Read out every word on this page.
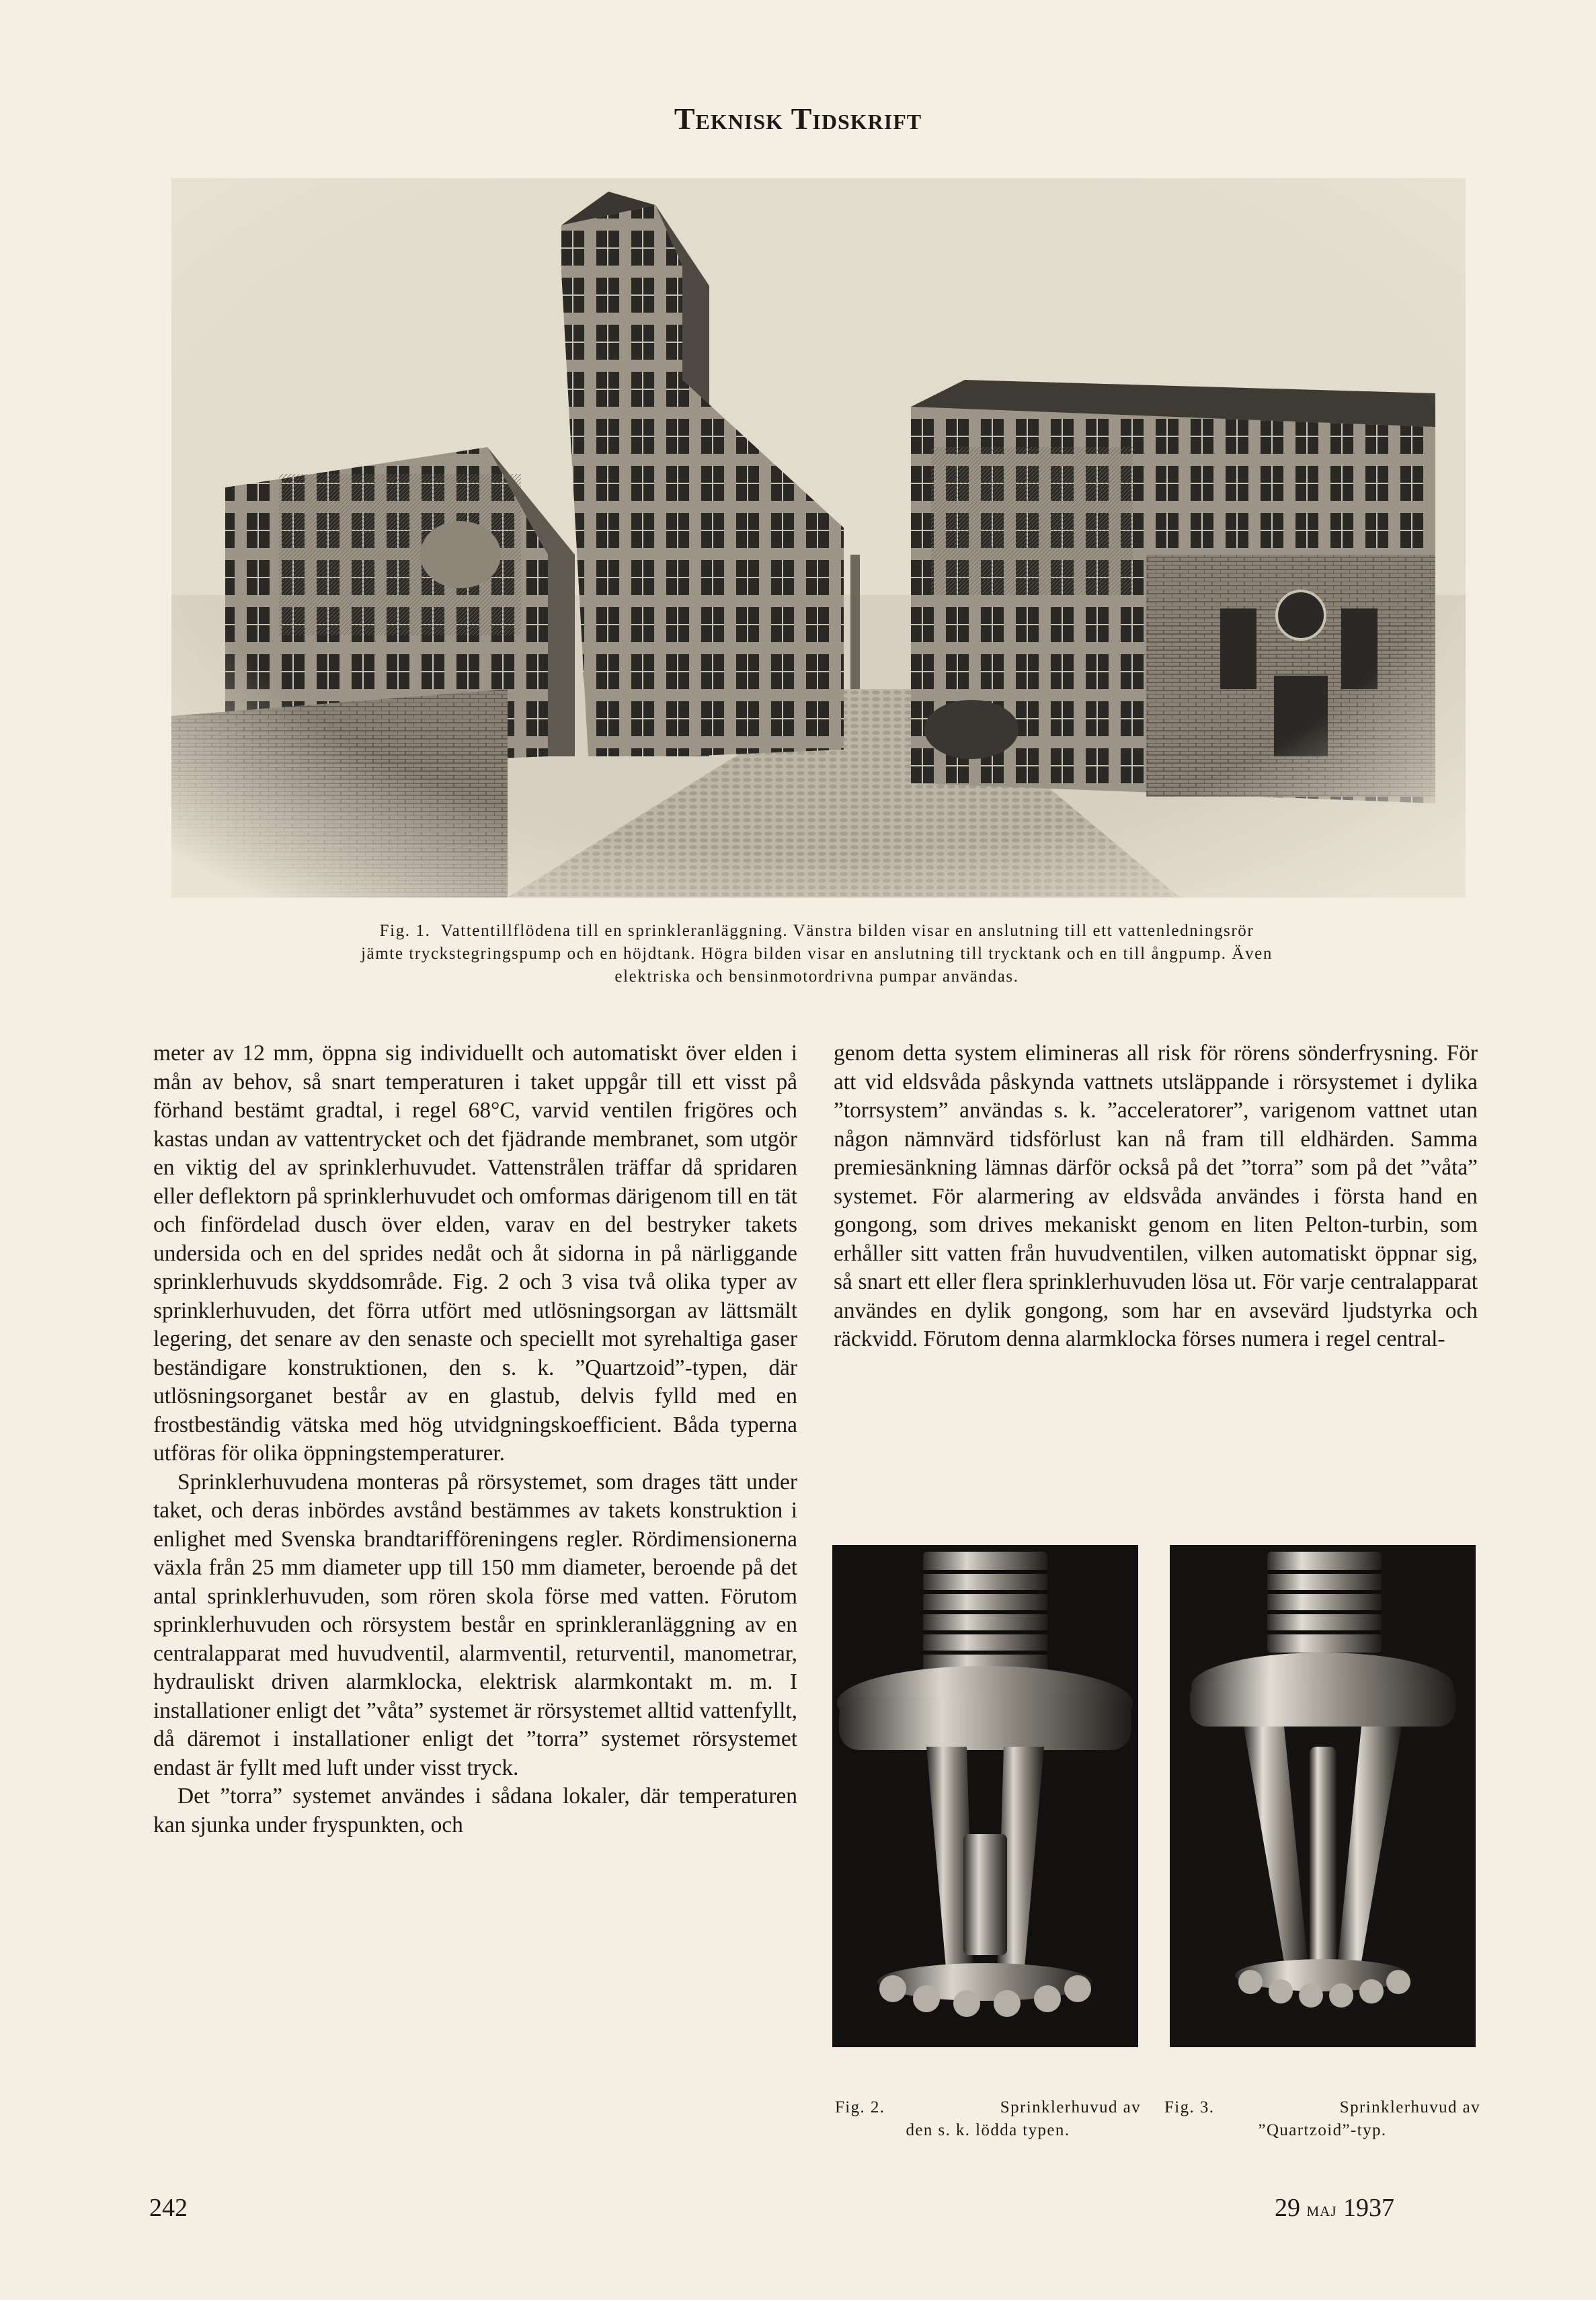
Teknisk Tidskrift
Fig. 1. Vattentillflödena till en sprinkleranläggning. Vänstra bilden visar en anslutning till ett vattenledningsrör
jämte tryckstegringspump och en höjdtank. Högra bilden visar en anslutning till trycktank och en till ångpump. Även
elektriska och bensinmotordrivna pumpar användas.

meter av 12 mm, öppna sig individuellt och automatiskt över elden i mån av behov, så snart temperaturen i taket uppgår till ett visst på förhand bestämt gradtal, i regel 68°C, varvid ventilen frigöres och kastas undan av vattentrycket och det fjädrande membranet, som utgör en viktig del av sprinklerhuvudet. Vattenstrålen träffar då spridaren eller deflektorn på sprinklerhuvudet och omformas därigenom till en tät och finfördelad dusch över elden, varav en del bestryker takets undersida och en del sprides nedåt och åt sidorna in på närliggande sprinklerhuvuds skyddsområde. Fig. 2 och 3 visa två olika typer av sprinklerhuvuden, det förra utfört med utlösningsorgan av lättsmält legering, det senare av den senaste och speciellt mot syrehaltiga gaser beständigare konstruktionen, den s. k. ”Quartzoid”-typen, där utlösningsorganet består av en glastub, delvis fylld med en frostbeständig vätska med hög utvidgningskoefficient. Båda typerna utföras för olika öppningstemperaturer.

Sprinklerhuvudena monteras på rörsystemet, som drages tätt under taket, och deras inbördes avstånd bestämmes av takets konstruktion i enlighet med Svenska brandtarifföreningens regler. Rördimensionerna växla från 25 mm diameter upp till 150 mm diameter, beroende på det antal sprinklerhuvuden, som rören skola förse med vatten. Förutom sprinklerhuvuden och rörsystem består en sprinkleranläggning av en centralapparat med huvudventil, alarmventil, returventil, manometrar, hydrauliskt driven alarmklocka, elektrisk alarmkontakt m. m. I installationer enligt det ”våta” systemet är rörsystemet alltid vattenfyllt, då däremot i installationer enligt det ”torra” systemet rörsystemet endast är fyllt med luft under visst tryck.

Det ”torra” systemet användes i sådana lokaler, där temperaturen kan sjunka under fryspunkten, och

genom detta system elimineras all risk för rörens sönderfrysning. För att vid eldsvåda påskynda vattnets utsläppande i rörsystemet i dylika ”torrsystem” användas s. k. ”acceleratorer”, varigenom vattnet utan någon nämnvärd tidsförlust kan nå fram till eldhärden. Samma premiesänkning lämnas därför också på det ”torra” som på det ”våta” systemet. För alarmering av eldsvåda användes i första hand en gongong, som drives mekaniskt genom en liten Pelton-turbin, som erhåller sitt vatten från huvudventilen, vilken automatiskt öppnar sig, så snart ett eller flera sprinklerhuvuden lösa ut. För varje centralapparat användes en dylik gongong, som har en avsevärd ljudstyrka och räckvidd. Förutom denna alarmklocka förses numera i regel central-

Fig. 2.	Sprinklerhuvud av
den s. k. lödda typen.
Fig. 3.	Sprinklerhuvud av
”Quartzoid”-typ.
242	29 maj 1937
